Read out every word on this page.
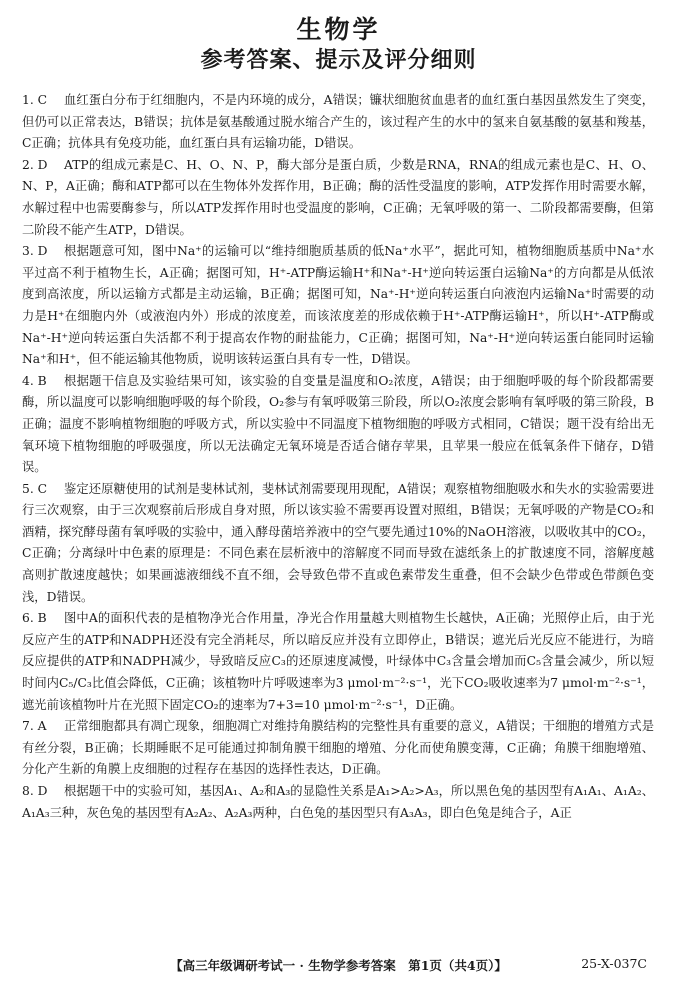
生物学
参考答案、提示及评分细则
1. C	血红蛋白分布于红细胞内，不是内环境的成分，A错误；镰状细胞贫血患者的血红蛋白基因虽然发生了突变，但仍可以正常表达，B错误；抗体是氨基酸通过脱水缩合产生的，该过程产生的水中的氢来自氨基酸的氨基和羧基，C正确；抗体具有免疫功能，血红蛋白具有运输功能，D错误。
2. D	ATP的组成元素是C、H、O、N、P，酶大部分是蛋白质，少数是RNA，RNA的组成元素也是C、H、O、N、P，A正确；酶和ATP都可以在生物体外发挥作用，B正确；酶的活性受温度的影响，ATP发挥作用时需要水解，水解过程中也需要酶参与，所以ATP发挥作用时也受温度的影响，C正确；无氧呼吸的第一、二阶段都需要酶，但第二阶段不能产生ATP，D错误。
3. D	根据题意可知，图中Na⁺的运输可以“维持细胞质基质的低Na⁺水平”，据此可知，植物细胞质基质中Na⁺水平过高不利于植物生长，A正确；据图可知，H⁺-ATP酶运输H⁺和Na⁺-H⁺逆向转运蛋白运输Na⁺的方向都是从低浓度到高浓度，所以运输方式都是主动运输，B正确；据图可知，Na⁺-H⁺逆向转运蛋白向液泡内运输Na⁺时需要的动力是H⁺在细胞内外（或液泡内外）形成的浓度差，而该浓度差的形成依赖于H⁺-ATP酶运输H⁺，所以H⁺-ATP酶或Na⁺-H⁺逆向转运蛋白失活都不利于提高农作物的耐盐能力，C正确；据图可知，Na⁺-H⁺逆向转运蛋白能同时运输Na⁺和H⁺，但不能运输其他物质，说明该转运蛋白具有专一性，D错误。
4. B	根据题干信息及实验结果可知，该实验的自变量是温度和O₂浓度，A错误；由于细胞呼吸的每个阶段都需要酶，所以温度可以影响细胞呼吸的每个阶段，O₂参与有氧呼吸第三阶段，所以O₂浓度会影响有氧呼吸的第三阶段，B正确；温度不影响植物细胞的呼吸方式，所以实验中不同温度下植物细胞的呼吸方式相同，C错误；题干没有给出无氧环境下植物细胞的呼吸强度，所以无法确定无氧环境是否适合储存苹果，且苹果一般应在低氧条件下储存，D错误。
5. C	鉴定还原糖使用的试剂是斐林试剂，斐林试剂需要现用现配，A错误；观察植物细胞吸水和失水的实验需要进行三次观察，由于三次观察前后形成自身对照，所以该实验不需要再设置对照组，B错误；无氧呼吸的产物是CO₂和酒精，探究酵母菌有氧呼吸的实验中，通入酵母菌培养液中的空气要先通过10%的NaOH溶液，以吸收其中的CO₂，C正确；分离绿叶中色素的原理是：不同色素在层析液中的溶解度不同而导致在滤纸条上的扩散速度不同，溶解度越高则扩散速度越快；如果画滤液细线不直不细，会导致色带不直或色素带发生重叠，但不会缺少色带或色带颜色变浅，D错误。
6. B	图中A的面积代表的是植物净光合作用量，净光合作用量越大则植物生长越快，A正确；光照停止后，由于光反应产生的ATP和NADPH还没有完全消耗尽，所以暗反应并没有立即停止，B错误；遮光后光反应不能进行，为暗反应提供的ATP和NADPH减少，导致暗反应C₃的还原速度减慢，叶绿体中C₃含量会增加而C₅含量会减少，所以短时间内C₅/C₃比值会降低，C正确；该植物叶片呼吸速率为3 μmol·m⁻²·s⁻¹，光下CO₂吸收速率为7 μmol·m⁻²·s⁻¹，遮光前该植物叶片在光照下固定CO₂的速率为7+3=10 μmol·m⁻²·s⁻¹，D正确。
7. A	正常细胞都具有凋亡现象，细胞凋亡对维持角膜结构的完整性具有重要的意义，A错误；干细胞的增殖方式是有丝分裂，B正确；长期睡眠不足可能通过抑制角膜干细胞的增殖、分化而使角膜变薄，C正确；角膜干细胞增殖、分化产生新的角膜上皮细胞的过程存在基因的选择性表达，D正确。
8. D	根据题干中的实验可知，基因A₁、A₂和A₃的显隐性关系是A₁>A₂>A₃，所以黑色兔的基因型有A₁A₁、A₁A₂、A₁A₃三种，灰色兔的基因型有A₂A₂、A₂A₃两种，白色兔的基因型只有A₃A₃，即白色兔是纯合子，A正
【高三年级调研考试一 · 生物学参考答案　第1页（共4页）】	25-X-037C
